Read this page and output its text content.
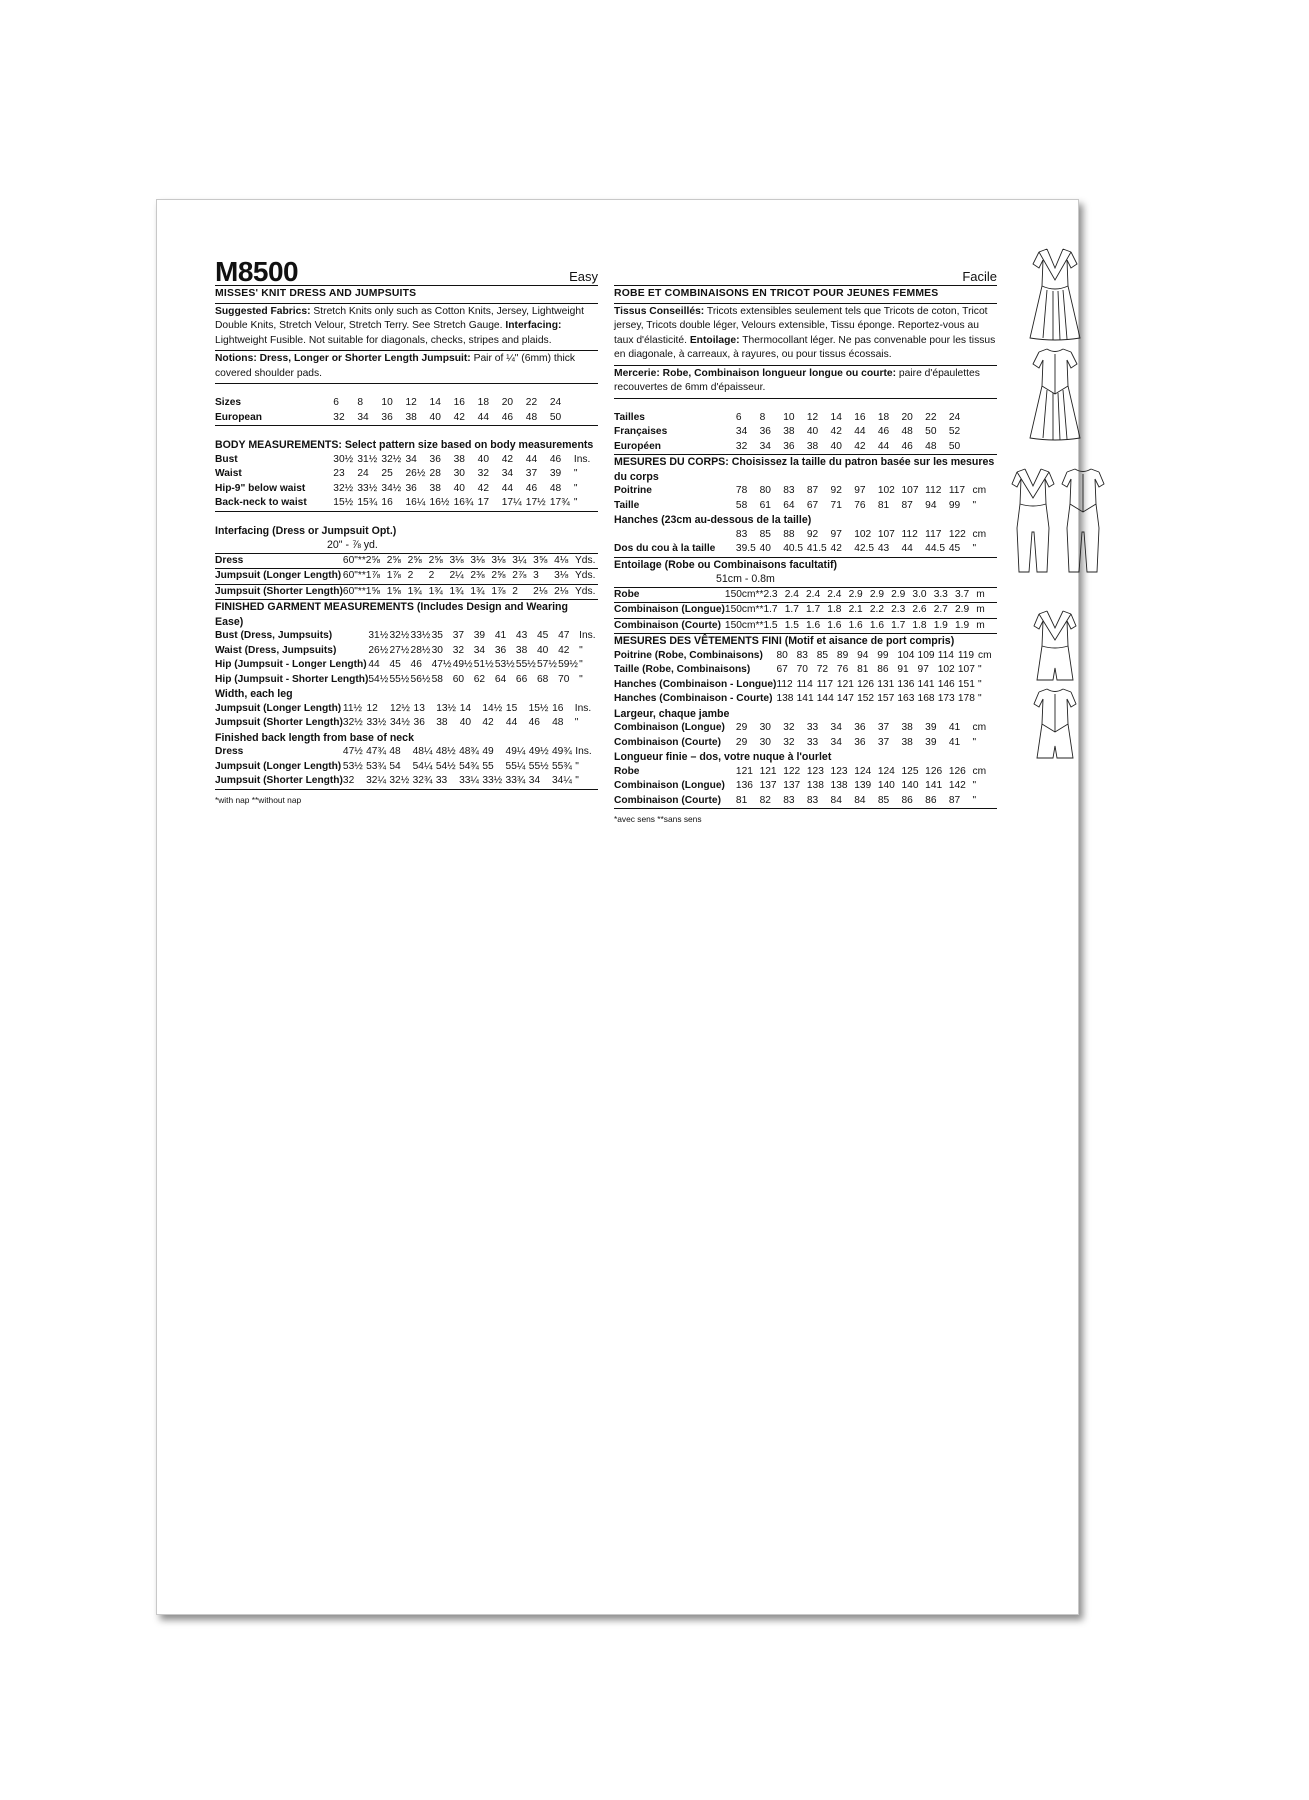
M8500	Easy
MISSES' KNIT DRESS AND JUMPSUITS
Suggested Fabrics: Stretch Knits only such as Cotton Knits, Jersey, Lightweight Double Knits, Stretch Velour, Stretch Terry. See Stretch Gauge. Interfacing: Lightweight Fusible. Not suitable for diagonals, checks, stripes and plaids.
Notions: Dress, Longer or Shorter Length Jumpsuit: Pair of ¼" (6mm) thick covered shoulder pads.
Sizes	6	8	10	12	14	16	18	20	22	24	
European	32	34	36	38	40	42	44	46	48	50	
BODY MEASUREMENTS: Select pattern size based on body measurements
Bust	30½	31½	32½	34	36	38	40	42	44	46	Ins.
Waist	23	24	25	26½	28	30	32	34	37	39	"
Hip-9" below waist	32½	33½	34½	36	38	40	42	44	46	48	"
Back-neck to waist	15½	15¾	16	16¼	16½	16¾	17	17¼	17½	17¾	"
Interfacing (Dress or Jumpsuit Opt.)
20" - ⅞ yd.
Dress	60"**	2⅝	2⅝	2⅝	2⅝	3⅛	3⅛	3⅛	3¼	3⅝	4⅛	Yds.
Jumpsuit (Longer Length)	60"**	1⅞	1⅞	2	2	2¼	2⅜	2⅝	2⅞	3	3⅛	Yds.
Jumpsuit (Shorter Length)	60"**	1⅝	1⅝	1¾	1¾	1¾	1¾	1⅞	2	2⅛	2⅛	Yds.
FINISHED GARMENT MEASUREMENTS (Includes Design and Wearing Ease)
Bust (Dress, Jumpsuits)	31½	32½	33½	35	37	39	41	43	45	47	Ins.
Waist (Dress, Jumpsuits)	26½	27½	28½	30	32	34	36	38	40	42	"
Hip (Jumpsuit - Longer Length)	44	45	46	47½	49½	51½	53½	55½	57½	59½	"
Hip (Jumpsuit - Shorter Length)	54½	55½	56½	58	60	62	64	66	68	70	"
Width, each leg
Jumpsuit (Longer Length)	11½	12	12½	13	13½	14	14½	15	15½	16	Ins.
Jumpsuit (Shorter Length)	32½	33½	34½	36	38	40	42	44	46	48	"
Finished back length from base of neck
Dress	47½	47¾	48	48¼	48½	48¾	49	49¼	49½	49¾	Ins.
Jumpsuit (Longer Length)	53½	53¾	54	54¼	54½	54¾	55	55¼	55½	55¾	"
Jumpsuit (Shorter Length)	32	32¼	32½	32¾	33	33¼	33½	33¾	34	34¼	"
*with nap **without nap
Facile
ROBE ET COMBINAISONS EN TRICOT POUR JEUNES FEMMES
Tissus Conseillés: Tricots extensibles seulement tels que Tricots de coton, Tricot jersey, Tricots double léger, Velours extensible, Tissu éponge. Reportez-vous au taux d'élasticité. Entoilage: Thermocollant léger. Ne pas convenable pour les tissus en diagonale, à carreaux, à rayures, ou pour tissus écossais.
Mercerie: Robe, Combinaison longueur longue ou courte: paire d'épaulettes recouvertes de 6mm d'épaisseur.
Tailles	6	8	10	12	14	16	18	20	22	24	
Françaises	34	36	38	40	42	44	46	48	50	52	
Européen	32	34	36	38	40	42	44	46	48	50	
MESURES DU CORPS: Choisissez la taille du patron basée sur les mesures du corps
Poitrine	78	80	83	87	92	97	102	107	112	117	cm
Taille	58	61	64	67	71	76	81	87	94	99	"
Hanches (23cm au-dessous de la taille)
	83	85	88	92	97	102	107	112	117	122	cm
Dos du cou à la taille	39.5	40	40.5	41.5	42	42.5	43	44	44.5	45	"
Entoilage (Robe ou Combinaisons facultatif)
51cm - 0.8m
Robe	150cm**	2.3	2.4	2.4	2.4	2.9	2.9	2.9	3.0	3.3	3.7	m
Combinaison (Longue)	150cm**	1.7	1.7	1.7	1.8	2.1	2.2	2.3	2.6	2.7	2.9	m
Combinaison (Courte)	150cm**	1.5	1.5	1.6	1.6	1.6	1.6	1.7	1.8	1.9	1.9	m
MESURES DES VÊTEMENTS FINI (Motif et aisance de port compris)
Poitrine (Robe, Combinaisons)	80	83	85	89	94	99	104	109	114	119	cm
Taille (Robe, Combinaisons)	67	70	72	76	81	86	91	97	102	107	"
Hanches (Combinaison - Longue)	112	114	117	121	126	131	136	141	146	151	"
Hanches (Combinaison - Courte)	138	141	144	147	152	157	163	168	173	178	"
Largeur, chaque jambe
Combinaison (Longue)	29	30	32	33	34	36	37	38	39	41	cm
Combinaison (Courte)	29	30	32	33	34	36	37	38	39	41	"
Longueur finie – dos, votre nuque à l'ourlet
Robe	121	121	122	123	123	124	124	125	126	126	cm
Combinaison (Longue)	136	137	137	138	138	139	140	140	141	142	"
Combinaison (Courte)	81	82	83	83	84	84	85	86	86	87	"
*avec sens **sans sens
